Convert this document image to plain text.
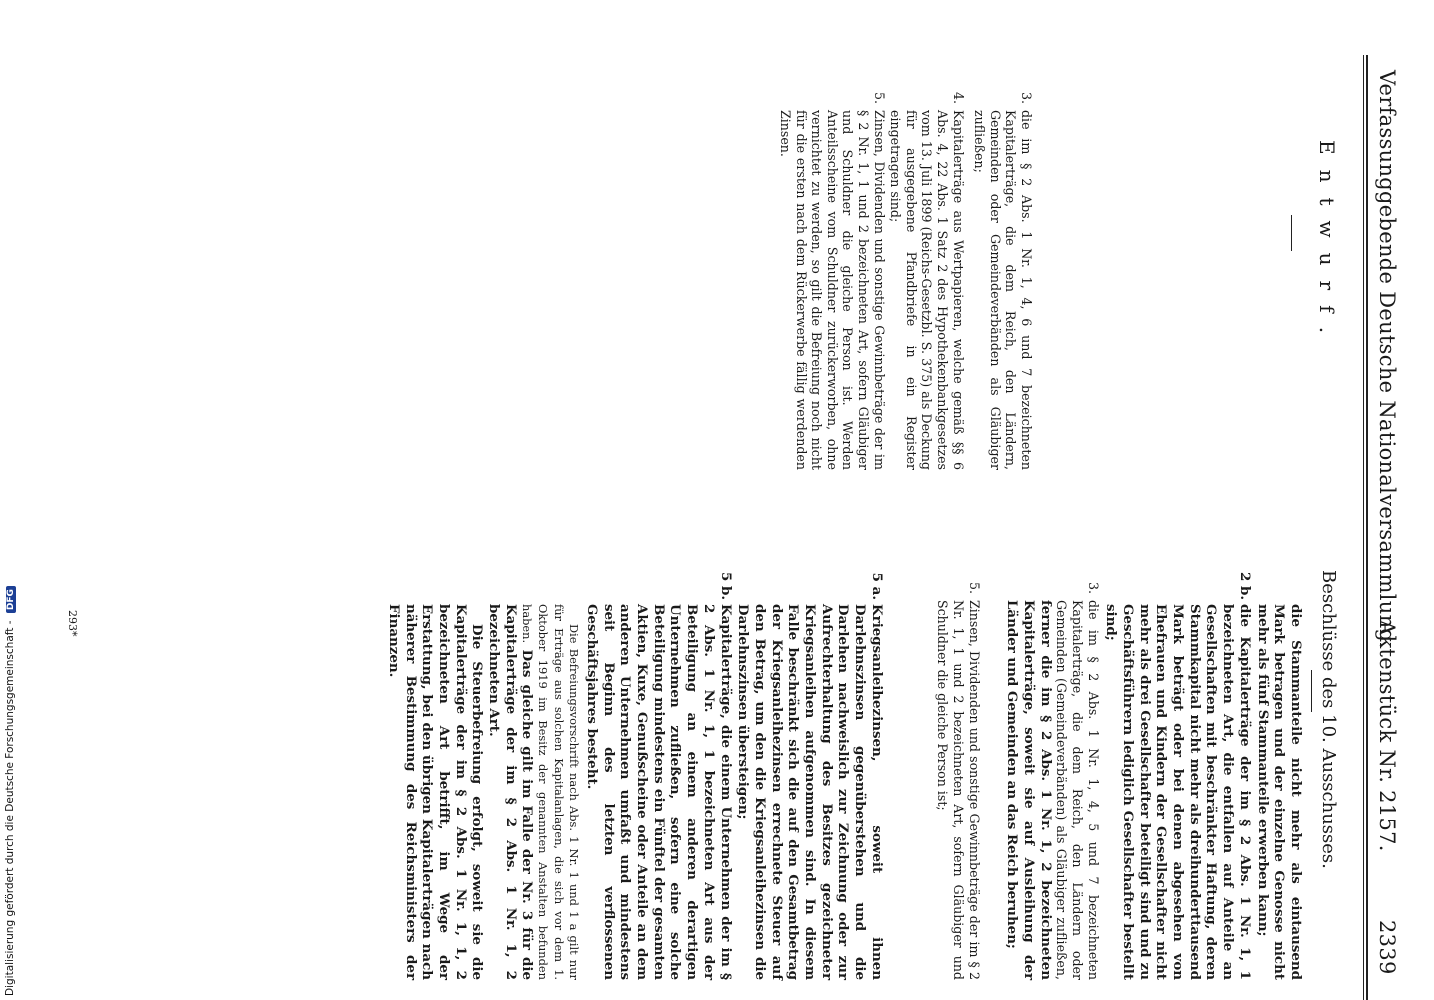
Verfassunggebende Deutsche Nationalversammlung.
Aktenstück Nr. 2157.
2339
Entwurf.
3.
die im § 2 Abs. 1 Nr. 1, 4, 6 und 7 bezeichneten Kapitalerträge, die dem Reich, den Ländern, Gemeinden oder Gemeindeverbänden als Gläubiger zufließen;
4.
Kapitalerträge aus Wertpapieren, welche gemäß §§ 6 Abs. 4, 22 Abs. 1 Satz 2 des Hypothekenbankgesetzes vom 13. Juli 1899 (Reichs-Gesetzbl. S. 375) als Deckung für ausgegebene Pfandbriefe in ein Register eingetragen sind;
5.
Zinsen, Dividenden und sonstige Gewinnbeträge der im § 2 Nr. 1, 1 und 2 bezeichneten Art, sofern Gläubiger und Schuldner die gleiche Person ist. Werden Anteilsscheine vom Schuldner zurückerworben, ohne vernichtet zu werden, so gilt die Befreiung noch nicht für die ersten nach dem Rückerwerbe fällig werdenden Zinsen.
Beschlüsse des 10. Ausschusses.
die Stammanteile nicht mehr als eintausend Mark betragen und der einzelne Genosse nicht mehr als fünf Stammanteile erwerben kann;
2 b.
die Kapitalerträge der im § 2 Abs. 1 Nr. 1, 1 bezeichneten Art, die entfallen auf Anteile an Gesellschaften mit beschränkter Haftung, deren Stammkapital nicht mehr als dreihunderttausend Mark beträgt oder bei denen abgesehen von Ehefrauen und Kindern der Gesellschafter nicht mehr als drei Gesellschafter beteiligt sind und zu Geschäftsführern lediglich Gesellschafter bestellt sind;
3.
die im § 2 Abs. 1 Nr. 1, 4, 5 und 7 bezeichneten Kapitalerträge, die dem Reich, den Ländern oder Gemeinden (Gemeindeverbänden) als Gläubiger zufließen, ferner die im § 2 Abs. 1 Nr. 1, 2 bezeichneten Kapitalerträge, soweit sie auf Ausleihung der Länder und Gemeinden an das Reich beruhen;
5.
Zinsen, Dividenden und sonstige Gewinnbeträge der im § 2 Nr. 1, 1 und 2 bezeichneten Art, sofern Gläubiger und Schuldner die gleiche Person ist;
5 a.
Kriegsanleihezinsen, soweit ihnen Darlehnszinsen gegenüberstehen und die Darlehen nachweislich zur Zeichnung oder zur Aufrechterhaltung des Besitzes gezeichneter Kriegsanleihen aufgenommen sind. In diesem Falle beschränkt sich die auf den Gesamtbetrag der Kriegsanleihezinsen errechnete Steuer auf den Betrag, um den die Kriegsanleihezinsen die Darlehnszinsen übersteigen;
5 b.
Kapitalerträge, die einem Unternehmen der im § 2 Abs. 1 Nr. 1, 1 bezeichneten Art aus der Beteiligung an einem anderen derartigen Unternehmen zufließen, sofern eine solche Beteiligung mindestens ein Fünftel der gesamten Aktien, Kuxe, Genußscheine oder Anteile an dem anderen Unternehmen umfaßt und mindestens seit Beginn des letzten verflossenen Geschäftsjahres besteht.

Die Befreiungsvorschrift nach Abs. 1 Nr. 1 und 1 a gilt nur für Erträge aus solchen Kapitalanlagen, die sich vor dem 1. Oktober 1919 im Besitz der genannten Anstalten befunden haben. Das gleiche gilt im Falle der Nr. 3 für die Kapitalerträge der im § 2 Abs. 1 Nr. 1, 2 bezeichneten Art.

Die Steuerbefreiung erfolgt, soweit sie die Kapitalerträge der im § 2 Abs. 1 Nr. 1, 1, 2 bezeichneten Art betrifft, im Wege der Erstattung, bei den übrigen Kapitalerträgen nach näherer Bestimmung des Reichsministers der Finanzen.

293*
Digitalisierung gefördert durch die Deutsche Forschungsgemeinschaft - DFG
